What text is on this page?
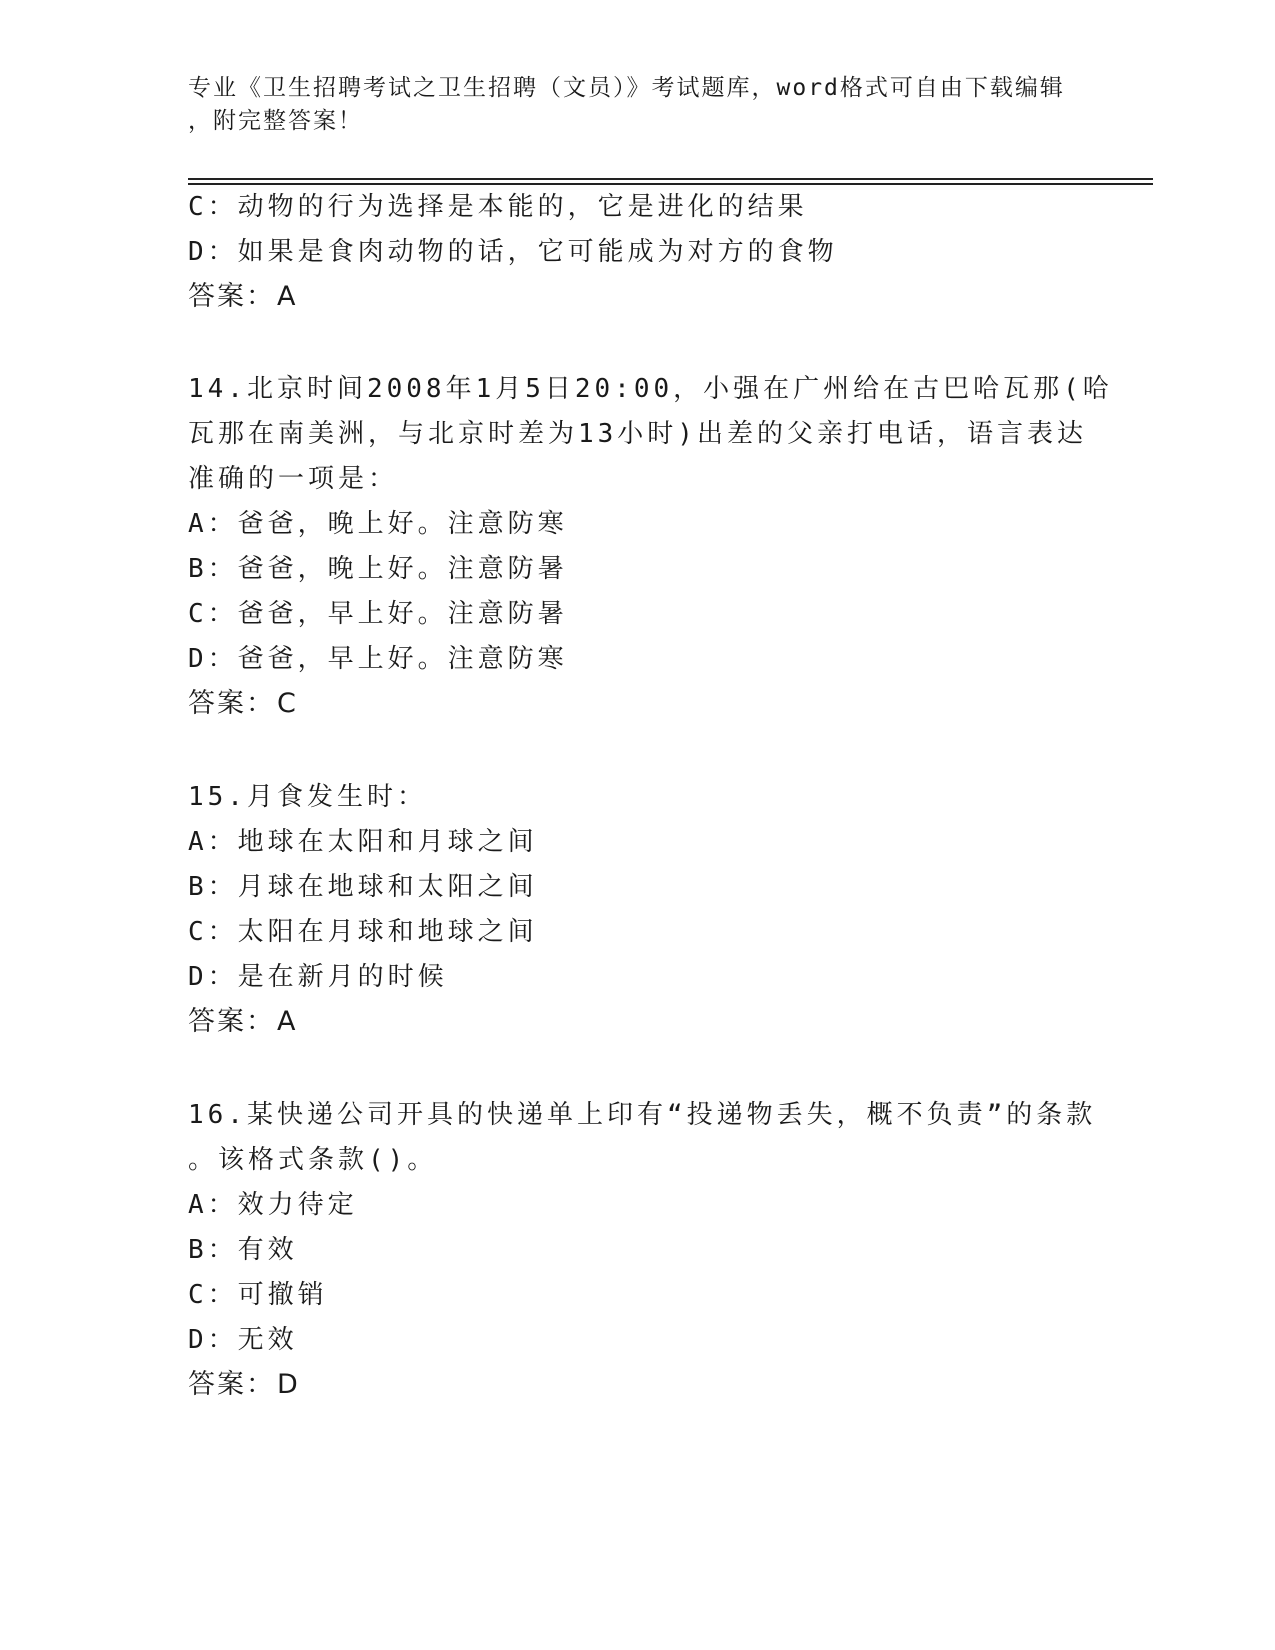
专业《卫生招聘考试之卫生招聘（文员）》考试题库，word格式可自由下载编辑

，附完整答案！

C：动物的行为选择是本能的，它是进化的结果
D：如果是食肉动物的话，它可能成为对方的食物
答案：A
14.北京时间2008年1月5日20:00，小强在广州给在古巴哈瓦那(哈
瓦那在南美洲，与北京时差为13小时)出差的父亲打电话，语言表达
准确的一项是：
A：爸爸，晚上好。注意防寒
B：爸爸，晚上好。注意防暑
C：爸爸，早上好。注意防暑
D：爸爸，早上好。注意防寒
答案：C
15.月食发生时：
A：地球在太阳和月球之间
B：月球在地球和太阳之间
C：太阳在月球和地球之间
D：是在新月的时候
答案：A
16.某快递公司开具的快递单上印有“投递物丢失，概不负责”的条款
。该格式条款()。
A：效力待定
B：有效
C：可撤销
D：无效
答案：D
